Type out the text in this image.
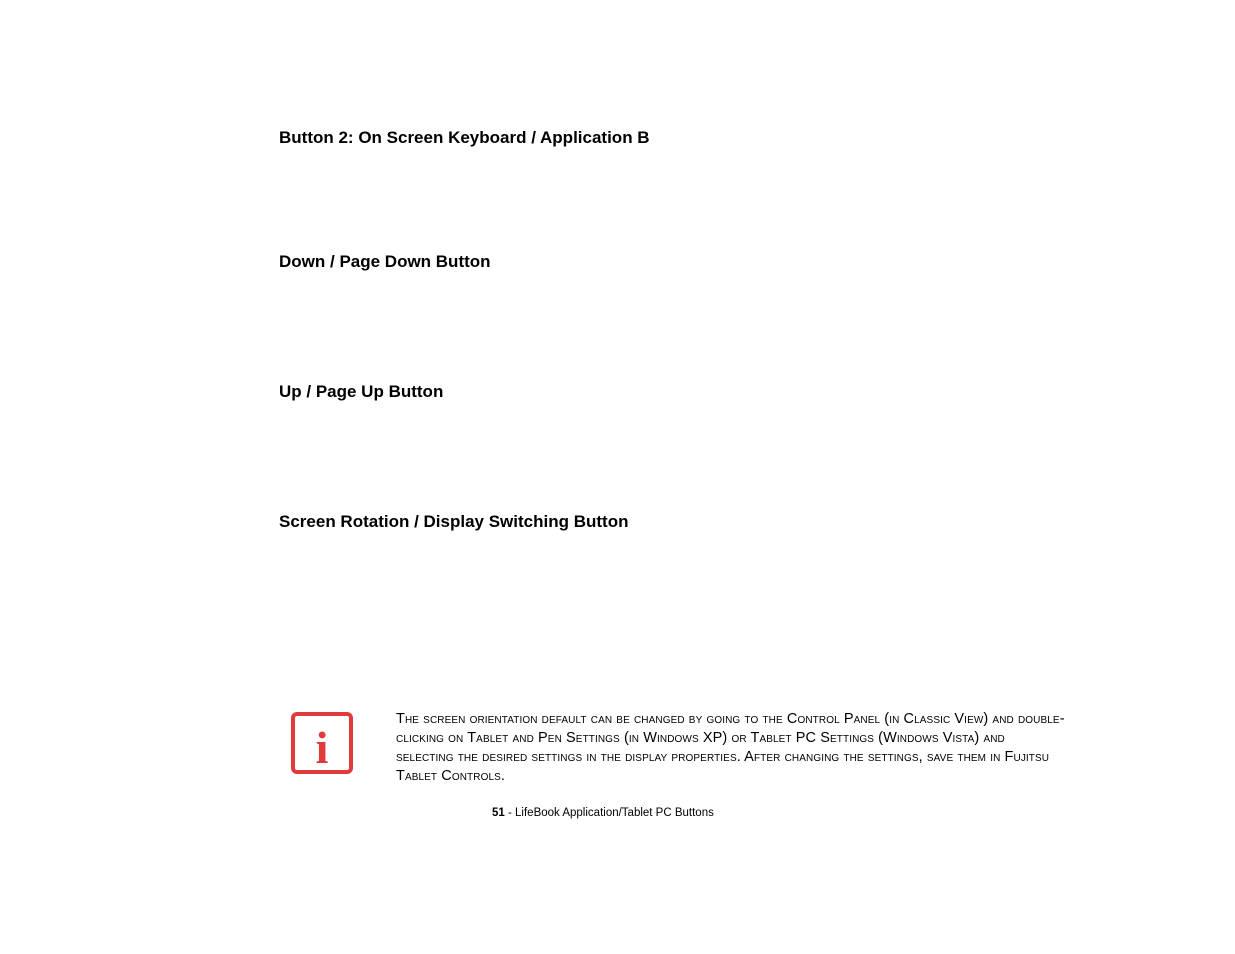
Button 2: On Screen Keyboard / Application B
Down / Page Down Button
Up / Page Up Button
Screen Rotation / Display Switching Button
i

The screen orientation default can be changed by going to the Control Panel (in Classic View) and double-clicking on Tablet and Pen Settings (in Windows XP) or Tablet PC Settings (Windows Vista) and selecting the desired settings in the display properties. After changing the settings, save them in Fujitsu Tablet Controls.

51 - LifeBook Application/Tablet PC Buttons
